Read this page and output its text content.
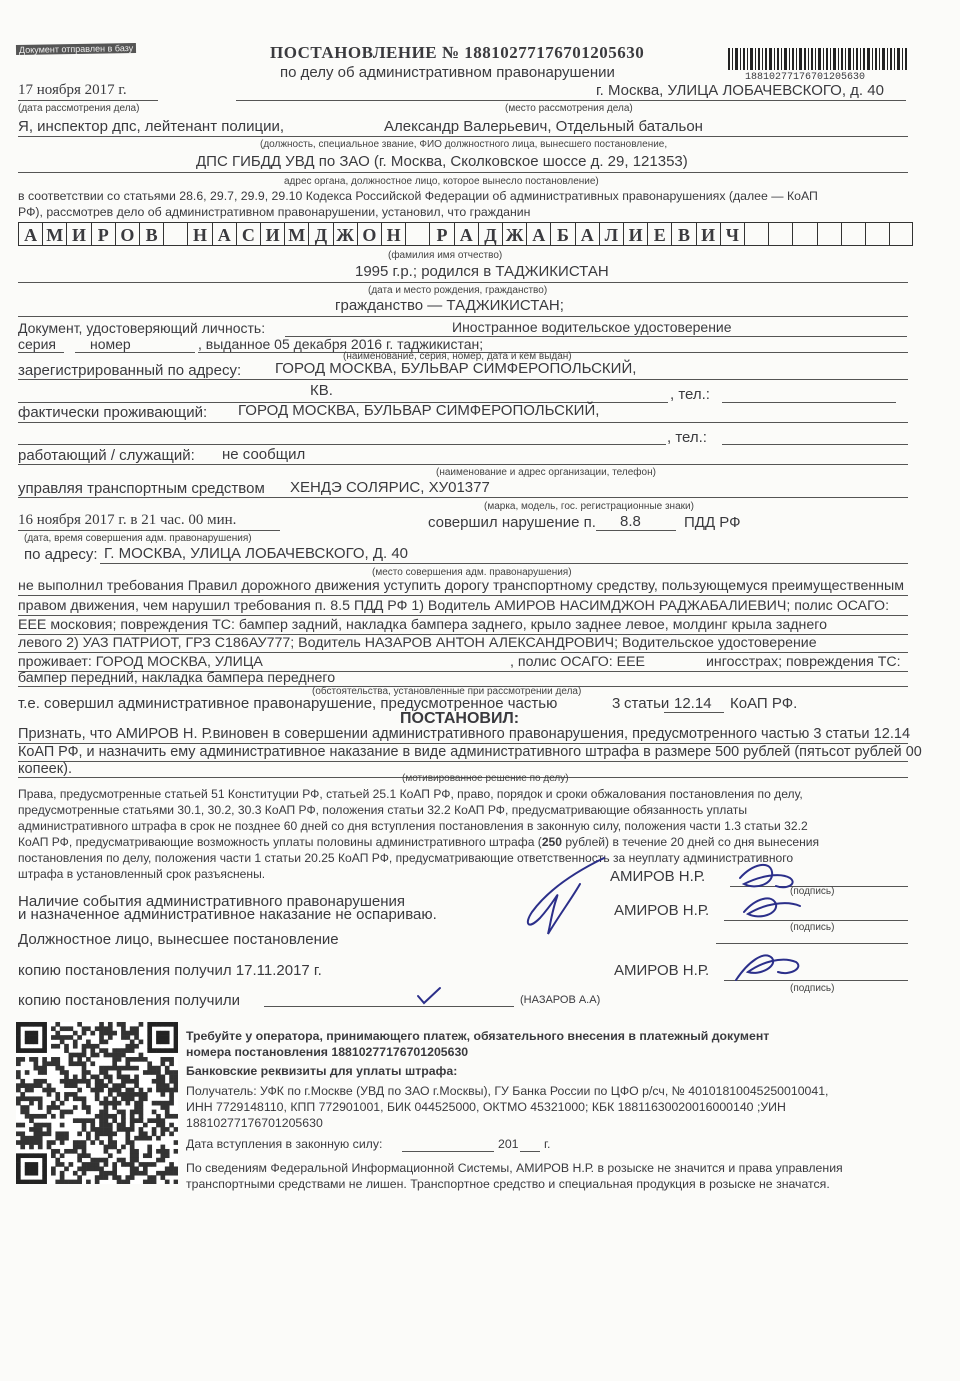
Документ отправлен в базу	ПОСТАНОВЛЕНИЕ № 18810277176701205630
по делу об административном правонарушении	18810277176701205630
17 ноября 2017 г.	г. Москва, УЛИЦА ЛОБАЧЕВСКОГО, д. 40
(дата рассмотрения дела)	(место рассмотрения дела)
Я, инспектор дпс, лейтенант полиции,	Александр Валерьевич, Отдельный батальон
(должность, специальное звание, ФИО должностного лица, вынесшего постановление,
ДПС ГИБДД УВД по ЗАО (г. Москва, Сколковское шоссе д. 29, 121353)
адрес органа, должностное лицо, которое вынесло постановление)
в соответствии со статьями 28.6, 29.7, 29.9, 29.10 Кодекса Российской Федерации об административных правонарушениях (далее — КоАП
РФ), рассмотрев дело об административном правонарушении, установил, что гражданин
А М И Р О В	Н А С И М Д Ж О Н	Р А Д Ж А Б А Л И Е В И Ч
(фамилия имя отчество)
1995 г.р.; родился в ТАДЖИКИСТАН
(дата и место рождения, гражданство)
гражданство — ТАДЖИКИСТАН;
Документ, удостоверяющий личность:	Иностранное водительское удостоверение
серия номер	, выданное 05 декабря 2016 г. таджикистан;
(наименование, серия, номер, дата и кем выдан)
зарегистрированный по адресу: ГОРОД МОСКВА, БУЛЬВАР СИМФЕРОПОЛЬСКИЙ,
КВ.	, тел.:
фактически проживающий: ГОРОД МОСКВА, БУЛЬВАР СИМФЕРОПОЛЬСКИЙ,
, тел.:
работающий / служащий: не сообщил
(наименование и адрес организации, телефон)
управляя транспортным средством ХЕНДЭ СОЛЯРИС, ХУ01377
(марка, модель, гос. регистрационные знаки)
16 ноября 2017 г. в 21 час. 00 мин.	совершил нарушение п. 8.8	ПДД РФ
(дата, время совершения адм. правонарушения)
по адресу: Г. МОСКВА, УЛИЦА ЛОБАЧЕВСКОГО, Д. 40
(место совершения адм. правонарушения)
не выполнил требования Правил дорожного движения уступить дорогу транспортному средству, пользующемуся преимущественным
правом движения, чем нарушил требования п. 8.5 ПДД РФ 1) Водитель АМИРОВ НАСИМДЖОН РАДЖАБАЛИЕВИЧ; полис ОСАГО:
ЕЕЕ московия; повреждения ТС: бампер задний, накладка бампера заднего, крыло заднее левое, молдинг крыла заднего
левого 2) УАЗ ПАТРИОТ, ГРЗ С186АУ777; Водитель НАЗАРОВ АНТОН АЛЕКСАНДРОВИЧ; Водительское удостоверение
проживает: ГОРОД МОСКВА, УЛИЦА	, полис ОСАГО: ЕЕЕ	ингосстрах; повреждения ТС:
бампер передний, накладка бампера переднего
(обстоятельства, установленные при рассмотрении дела)
т.е. совершил административное правонарушение, предусмотренное частью	3 статьи 12.14 КоАП РФ.
ПОСТАНОВИЛ:
Признать, что АМИРОВ Н. Р.виновен в совершении административного правонарушения, предусмотренного частью 3 статьи 12.14
КоАП РФ, и назначить ему административное наказание в виде административного штрафа в размере 500 рублей (пятьсот рублей 00
копеек).
(мотивированное решение по делу)
Права, предусмотренные статьей 51 Конституции РФ, статьей 25.1 КоАП РФ, право, порядок и сроки обжалования постановления по делу,
предусмотренные статьями 30.1, 30.2, 30.3 КоАП РФ, положения статьи 32.2 КоАП РФ, предусматривающие обязанность уплаты
административного штрафа в срок не позднее 60 дней со дня вступления постановления в законную силу, положения части 1.3 статьи 32.2
КоАП РФ, предусматривающие возможность уплаты половины административного штрафа (250 рублей) в течение 20 дней со дня вынесения
постановления по делу, положения части 1 статьи 20.25 КоАП РФ, предусматривающие ответственность за неуплату административного
штрафа в установленный срок разъяснены.	АМИРОВ Н.Р.
(подпись)
Наличие события административного правонарушения
и назначенное административное наказание не оспариваю.	АМИРОВ Н.Р.
(подпись)
Должностное лицо, вынесшее постановление
копию постановления получил 17.11.2017 г.	АМИРОВ Н.Р.
(подпись)
копию постановления получили	(НАЗАРОВ А.А)
Требуйте у оператора, принимающего платеж, обязательного внесения в платежный документ
номера постановления 18810277176701205630
Банковские реквизиты для уплаты штрафа:
Получатель: УФК по г.Москве (УВД по ЗАО г.Москвы), ГУ Банка России по ЦФО р/сч, № 40101810045250010041,
ИНН 7729148110, КПП 772901001, БИК 044525000, ОКТМО 45321000; КБК 18811630020016000140 ;УИН
18810277176701205630
Дата вступления в законную силу:	201 г.
По сведениям Федеральной Информационной Системы, АМИРОВ Н.Р. в розыске не значится и права управления
транспортными средствами не лишен. Транспортное средство и специальная продукция в розыске не значатся.
